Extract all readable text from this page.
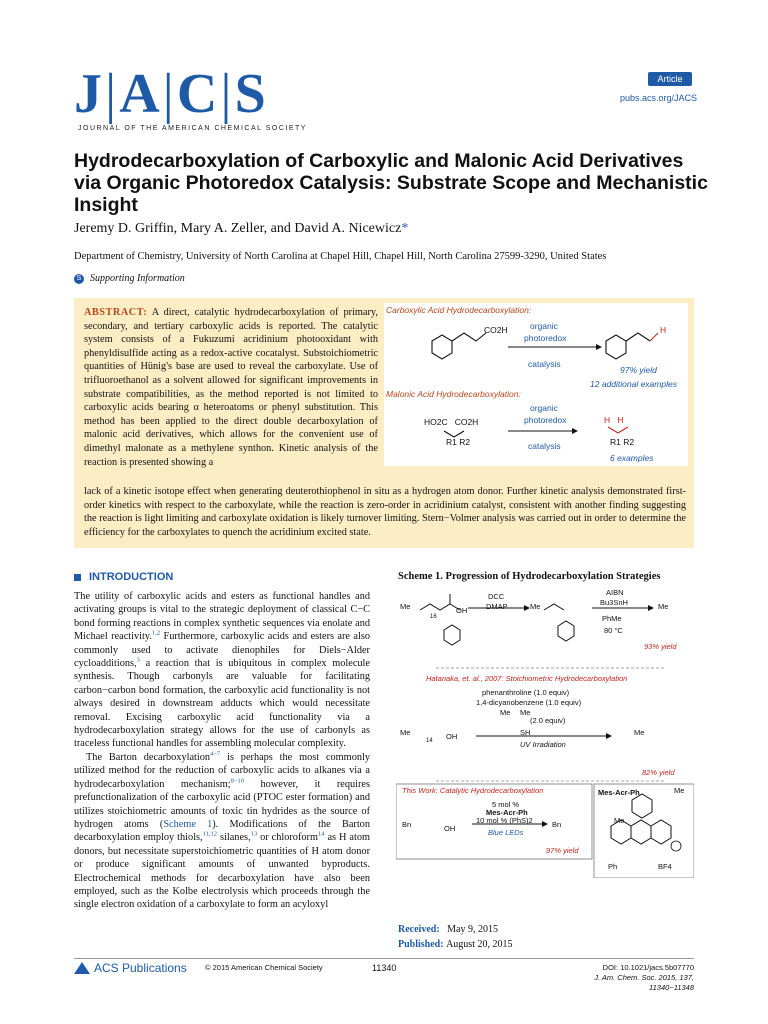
J|A|C|S
JOURNAL OF THE AMERICAN CHEMICAL SOCIETY
Article
pubs.acs.org/JACS
Hydrodecarboxylation of Carboxylic and Malonic Acid Derivatives via Organic Photoredox Catalysis: Substrate Scope and Mechanistic Insight
Jeremy D. Griffin, Mary A. Zeller, and David A. Nicewicz*
Department of Chemistry, University of North Carolina at Chapel Hill, Chapel Hill, North Carolina 27599-3290, United States
S Supporting Information
ABSTRACT: A direct, catalytic hydrodecarboxylation of primary, secondary, and tertiary carboxylic acids is reported. The catalytic system consists of a Fukuzumi acridinium photooxidant with phenyldisulfide acting as a redox-active cocatalyst. Substoichiometric quantities of Hünig's base are used to reveal the carboxylate. Use of trifluoroethanol as a solvent allowed for significant improvements in substrate compatibilities, as the method reported is not limited to carboxylic acids bearing α heteroatoms or phenyl substitution. This method has been applied to the direct double decarboxylation of malonic acid derivatives, which allows for the convenient use of dimethyl malonate as a methylene synthon. Kinetic analysis of the reaction is presented showing a
lack of a kinetic isotope effect when generating deuterothiophenol in situ as a hydrogen atom donor. Further kinetic analysis demonstrated first-order kinetics with respect to the carboxylate, while the reaction is zero-order in acridinium catalyst, consistent with another finding suggesting the reaction is light limiting and carboxylate oxidation is likely turnover limiting. Stern−Volmer analysis was carried out in order to determine the efficiency for the carboxylates to quench the acridinium excited state.
Carboxylic Acid Hydrodecarboxylation:
CO2H	H
organic
photoredox
catalysis
97% yield
12 additional examples
Malonic Acid Hydrodecarboxylation:
HO2C   CO2H
R1 R2
organic
photoredox
catalysis
H   H
R1 R2
6 examples
INTRODUCTION

The utility of carboxylic acids and esters as functional handles and activating groups is vital to the strategic deployment of classical C−C bond forming reactions in complex synthetic sequences via enolate and Michael reactivity.$^{1,2}$ Furthermore, carboxylic acids and esters are also commonly used to activate dienophiles for Diels−Alder cycloadditions,$^3$ a reaction that is ubiquitous in complex molecule synthesis. Though carbonyls are valuable for facilitating carbon−carbon bond formation, the carboxylic acid functionality is not always desired in downstream adducts which would necessitate removal. Excising carboxylic acid functionality via a hydrodecarboxylation strategy allows for the use of carbonyls as traceless functional handles for assembling molecular complexity.

The Barton decarboxylation$^{4-7}$ is perhaps the most commonly utilized method for the reduction of carboxylic acids to alkanes via a hydrodecarboxylation mechanism;$^{8-10}$ however, it requires prefunctionalization of the carboxylic acid (PTOC ester formation) and utilizes stoichiometric amounts of toxic tin hydrides as the source of hydrogen atoms (Scheme 1). Modifications of the Barton decarboxylation employ thiols,$^{11,12}$ silanes,$^{13}$ or chloroform$^{14}$ as H atom donors, but necessitate superstoichiometric quantities of H atom donor or produce significant amounts of unwanted byproducts. Electrochemical methods for decarboxylation have also been employed, such as the Kolbe electrolysis which proceeds through the single electron oxidation of a carboxylate to form an acyloxyl

Scheme 1. Progression of Hydrodecarboxylation Strategies
Me	OH
16
DCC
DMAP	Me
AIBN
Bu3SnH
PhMe
80 °C
Me
93% yield
Hatanaka, et. al., 2007: Stoichiometric Hydrodecarboxylation
phenanthroline (1.0 equiv)
1,4-dicyanobenzene (1.0 equiv)
Me Me
SH
(2.0 equiv)
Me	OH
14	UV Irradiation
Me
82% yield
This Work: Catalytic Hydrodecarboxylation
5 mol %
Mes-Acr-Ph
10 mol % (PhS)2
Blue LEDs
Bn	OH	Bn
97% yield
Mes-Acr-Ph	Me
Me
Ph	BF4
Received: May 9, 2015
Published: August 20, 2015
ACS Publications © 2015 American Chemical Society	11340	DOI: 10.1021/jacs.5b07770
J. Am. Chem. Soc. 2015, 137, 11340−11348
